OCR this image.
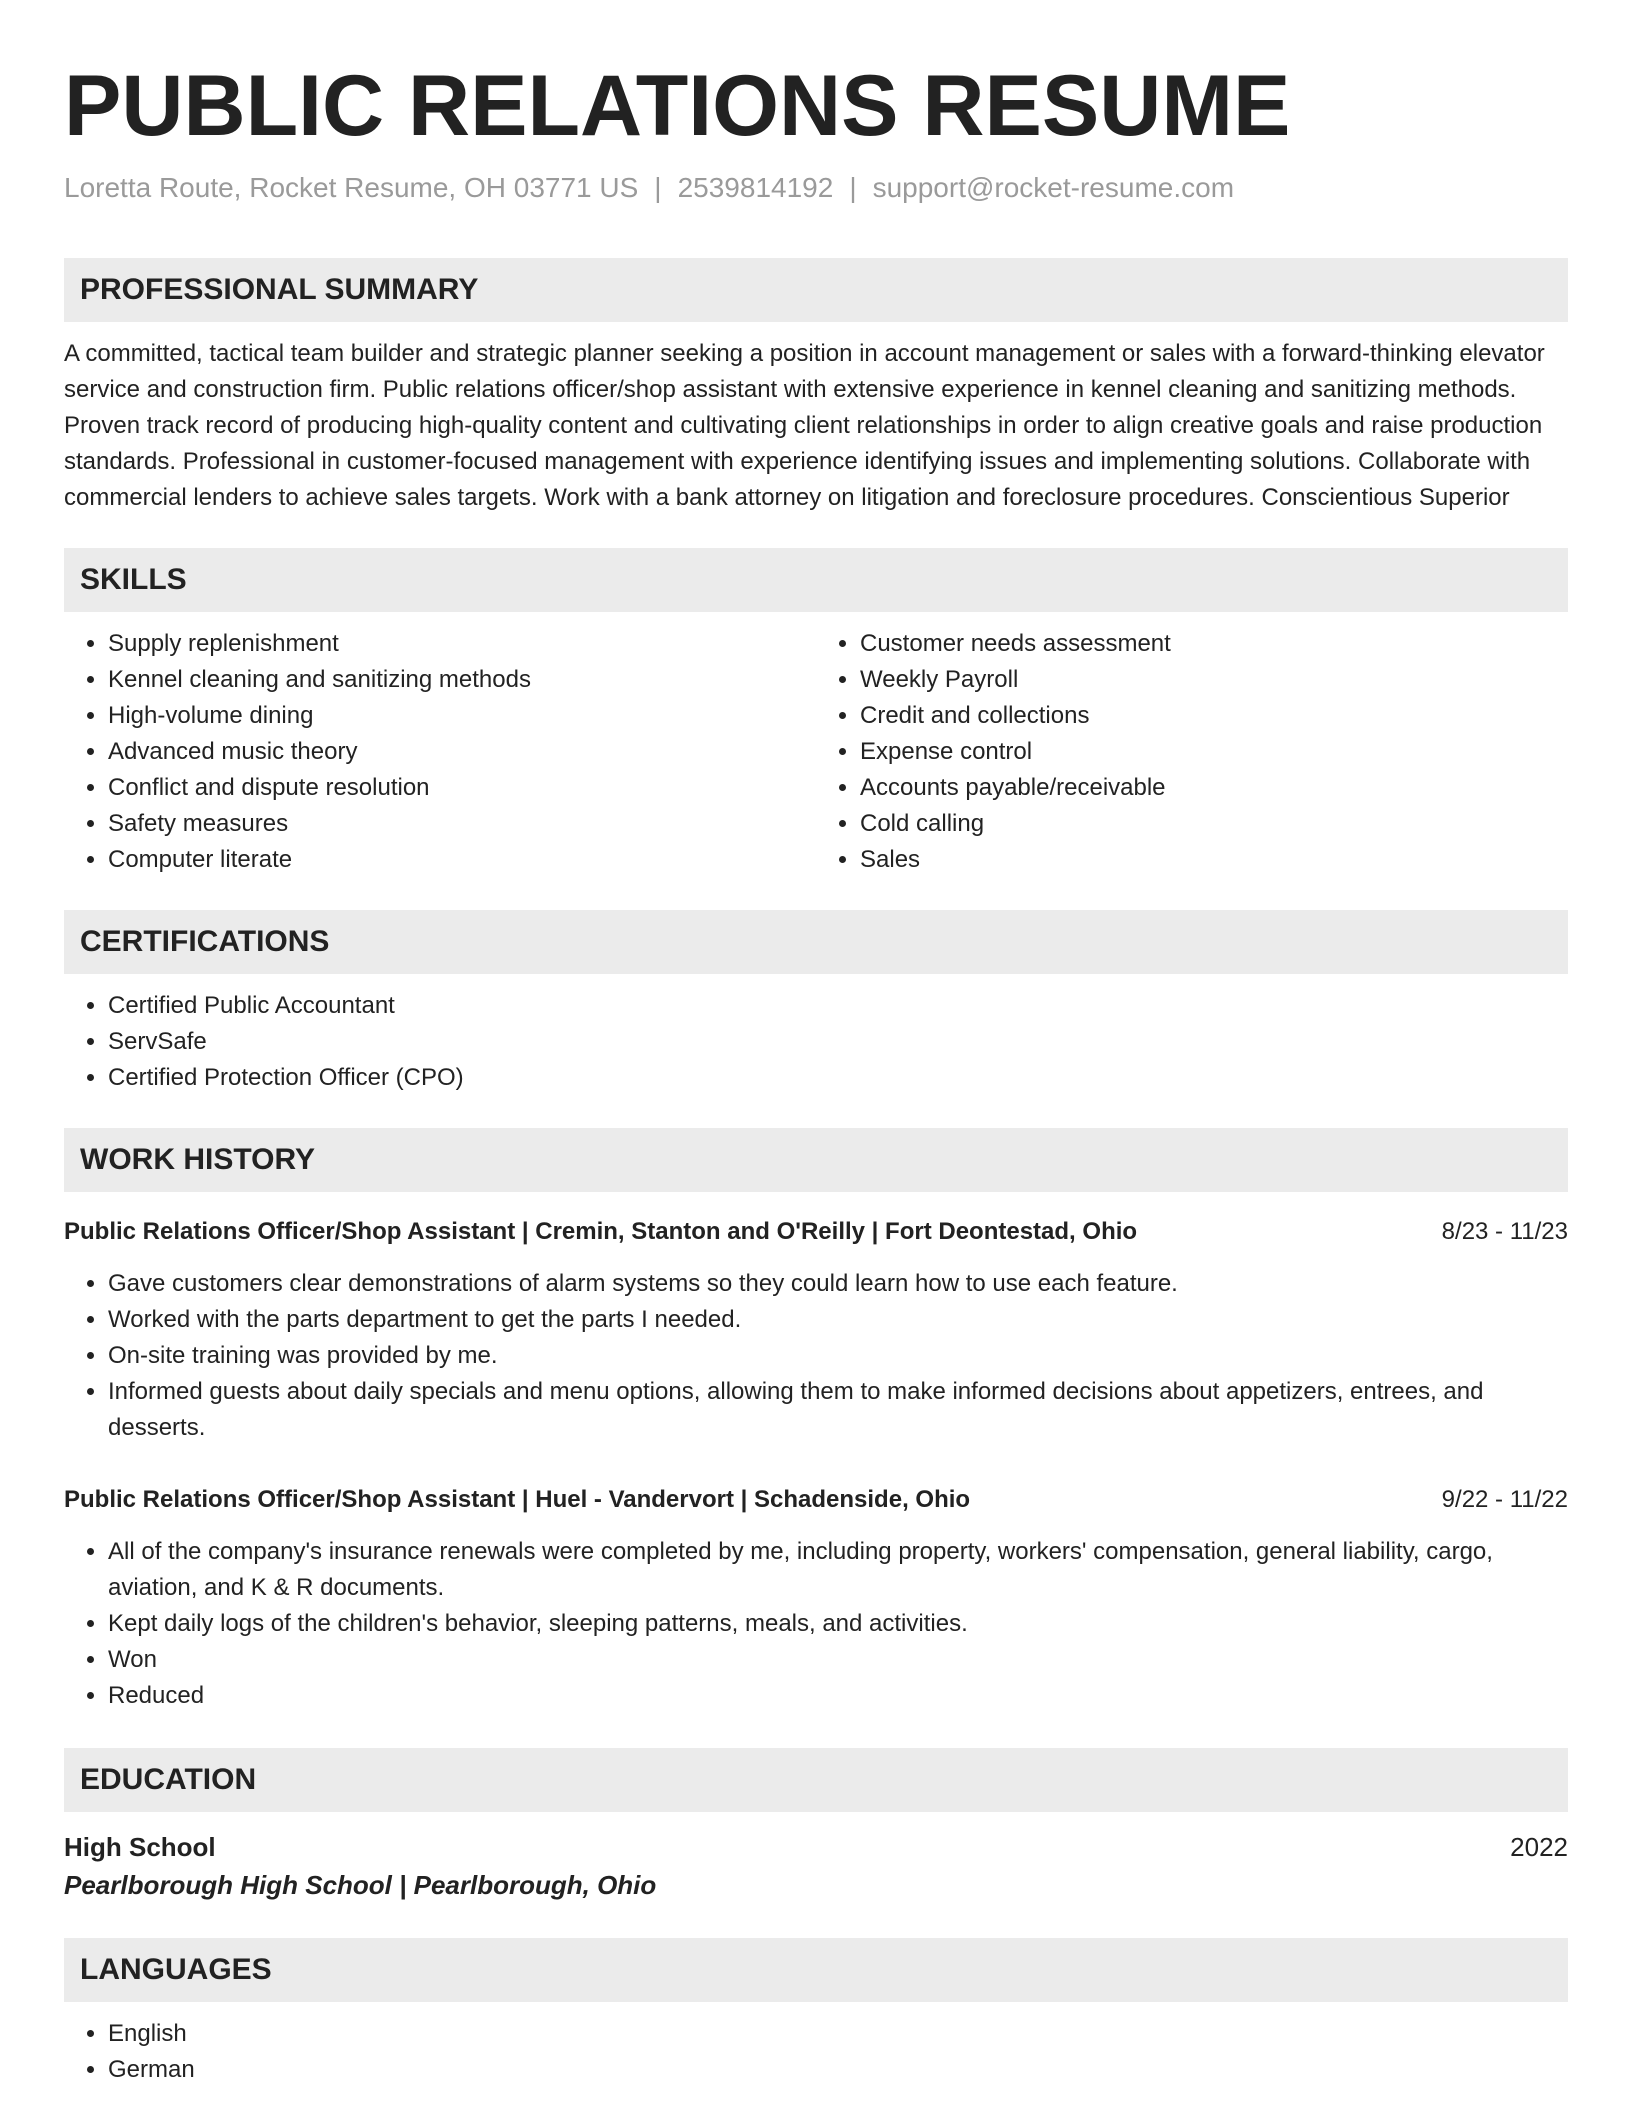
PUBLIC RELATIONS RESUME
Loretta Route, Rocket Resume, OH 03771 US | 2539814192 | support@rocket-resume.com
PROFESSIONAL SUMMARY
A committed, tactical team builder and strategic planner seeking a position in account management or sales with a forward-thinking elevator service and construction firm. Public relations officer/shop assistant with extensive experience in kennel cleaning and sanitizing methods. Proven track record of producing high-quality content and cultivating client relationships in order to align creative goals and raise production standards. Professional in customer-focused management with experience identifying issues and implementing solutions. Collaborate with commercial lenders to achieve sales targets. Work with a bank attorney on litigation and foreclosure procedures. Conscientious Superior
SKILLS
• Supply replenishment
• Kennel cleaning and sanitizing methods
• High-volume dining
• Advanced music theory
• Conflict and dispute resolution
• Safety measures
• Computer literate
• Customer needs assessment
• Weekly Payroll
• Credit and collections
• Expense control
• Accounts payable/receivable
• Cold calling
• Sales
CERTIFICATIONS
• Certified Public Accountant
• ServSafe
• Certified Protection Officer (CPO)
WORK HISTORY
Public Relations Officer/Shop Assistant | Cremin, Stanton and O'Reilly | Fort Deontestad, Ohio	8/23 - 11/23
• Gave customers clear demonstrations of alarm systems so they could learn how to use each feature.
• Worked with the parts department to get the parts I needed.
• On-site training was provided by me.
• Informed guests about daily specials and menu options, allowing them to make informed decisions about appetizers, entrees, and desserts.
Public Relations Officer/Shop Assistant | Huel - Vandervort | Schadenside, Ohio	9/22 - 11/22
• All of the company's insurance renewals were completed by me, including property, workers' compensation, general liability, cargo, aviation, and K & R documents.
• Kept daily logs of the children's behavior, sleeping patterns, meals, and activities.
• Won
• Reduced
EDUCATION
High School	2022
Pearlborough High School | Pearlborough, Ohio
LANGUAGES
• English
• German
